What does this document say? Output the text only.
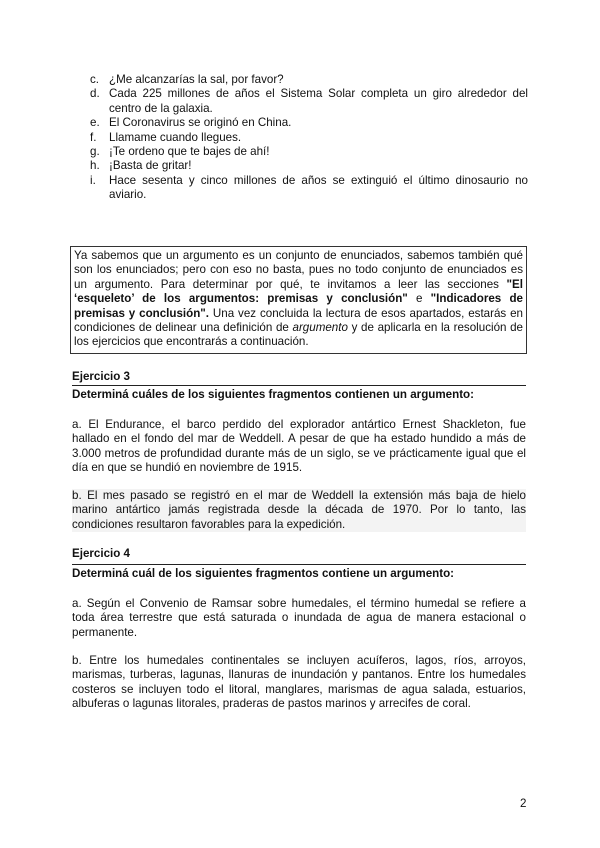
c. ¿Me alcanzarías la sal, por favor?
d. Cada 225 millones de años el Sistema Solar completa un giro alrededor del centro de la galaxia.
e. El Coronavirus se originó en China.
f. Llamame cuando llegues.
g. ¡Te ordeno que te bajes de ahí!
h. ¡Basta de gritar!
i. Hace sesenta y cinco millones de años se extinguió el último dinosaurio no aviario.
Ya sabemos que un argumento es un conjunto de enunciados, sabemos también qué son los enunciados; pero con eso no basta, pues no todo conjunto de enunciados es un argumento. Para determinar por qué, te invitamos a leer las secciones "El ‘esqueleto’ de los argumentos: premisas y conclusión" e "Indicadores de premisas y conclusión". Una vez concluida la lectura de esos apartados, estarás en condiciones de delinear una definición de argumento y de aplicarla en la resolución de los ejercicios que encontrarás a continuación.
Ejercicio 3
Determiná cuáles de los siguientes fragmentos contienen un argumento:
a. El Endurance, el barco perdido del explorador antártico Ernest Shackleton, fue hallado en el fondo del mar de Weddell. A pesar de que ha estado hundido a más de 3.000 metros de profundidad durante más de un siglo, se ve prácticamente igual que el día en que se hundió en noviembre de 1915.
b. El mes pasado se registró en el mar de Weddell la extensión más baja de hielo marino antártico jamás registrada desde la década de 1970. Por lo tanto, las condiciones resultaron favorables para la expedición.
Ejercicio 4
Determiná cuál de los siguientes fragmentos contiene un argumento:
a. Según el Convenio de Ramsar sobre humedales, el término humedal se refiere a toda área terrestre que está saturada o inundada de agua de manera estacional o permanente.
b. Entre los humedales continentales se incluyen acuíferos, lagos, ríos, arroyos, marismas, turberas, lagunas, llanuras de inundación y pantanos. Entre los humedales costeros se incluyen todo el litoral, manglares, marismas de agua salada, estuarios, albuferas o lagunas litorales, praderas de pastos marinos y arrecifes de coral.
2
